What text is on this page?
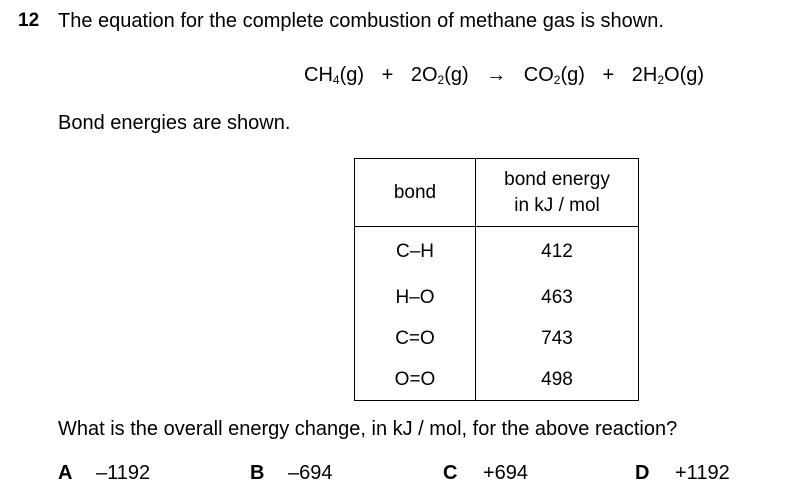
12 The equation for the complete combustion of methane gas is shown.
$CH_4(g) + 2O_2(g) \to CO_2(g) + 2H_2O(g)$
Bond energies are shown.
bond	bond energy
in kJ / mol

C–H	412
H–O	463
C=O	743
O=O	498
What is the overall energy change, in kJ / mol, for the above reaction?
A –1192	B –694	C +694	D +1192
